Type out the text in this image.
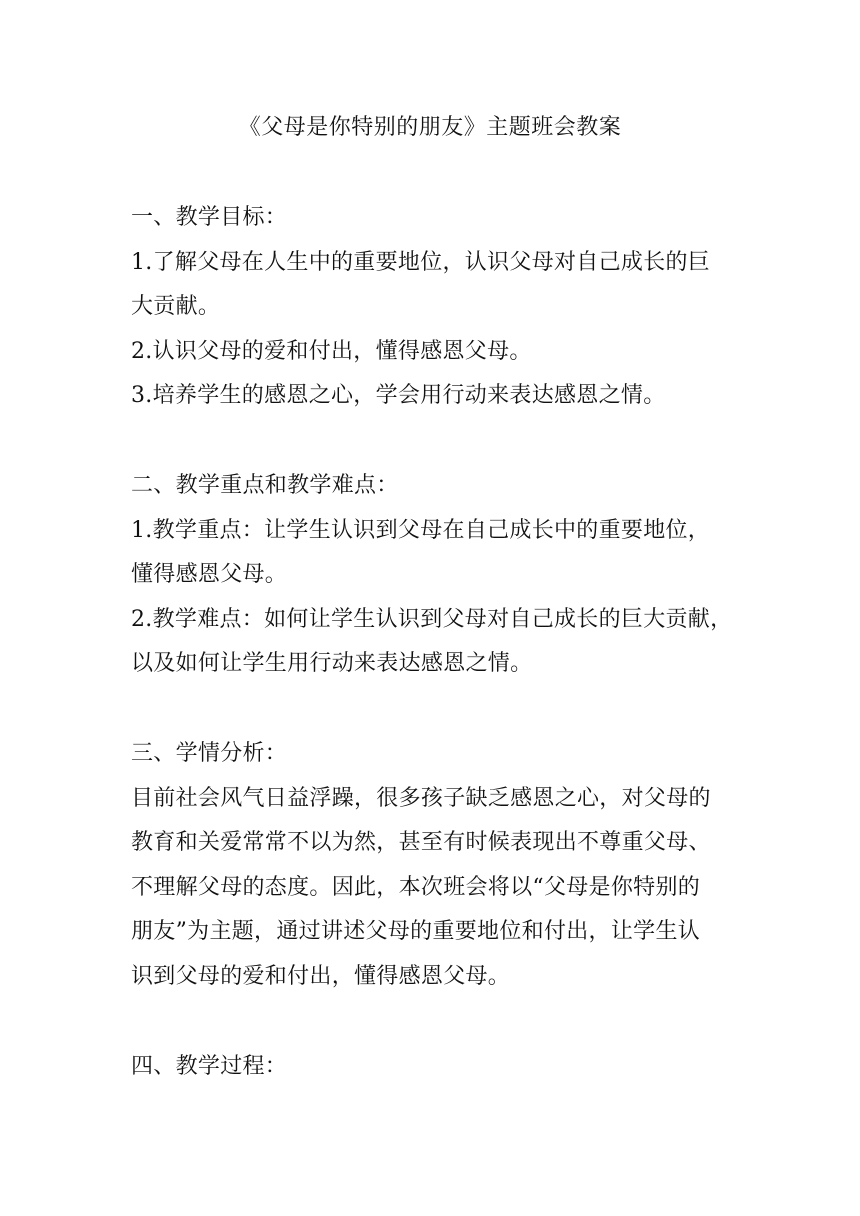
《父母是你特别的朋友》主题班会教案
一、教学目标：
1.了解父母在人生中的重要地位，认识父母对自己成长的巨
大贡献。
2.认识父母的爱和付出，懂得感恩父母。
3.培养学生的感恩之心，学会用行动来表达感恩之情。
二、教学重点和教学难点：
1.教学重点：让学生认识到父母在自己成长中的重要地位，
懂得感恩父母。
2.教学难点：如何让学生认识到父母对自己成长的巨大贡献，
以及如何让学生用行动来表达感恩之情。
三、学情分析：
目前社会风气日益浮躁，很多孩子缺乏感恩之心，对父母的
教育和关爱常常不以为然，甚至有时候表现出不尊重父母、
不理解父母的态度。因此，本次班会将以“父母是你特别的
朋友”为主题，通过讲述父母的重要地位和付出，让学生认
识到父母的爱和付出，懂得感恩父母。
四、教学过程：
